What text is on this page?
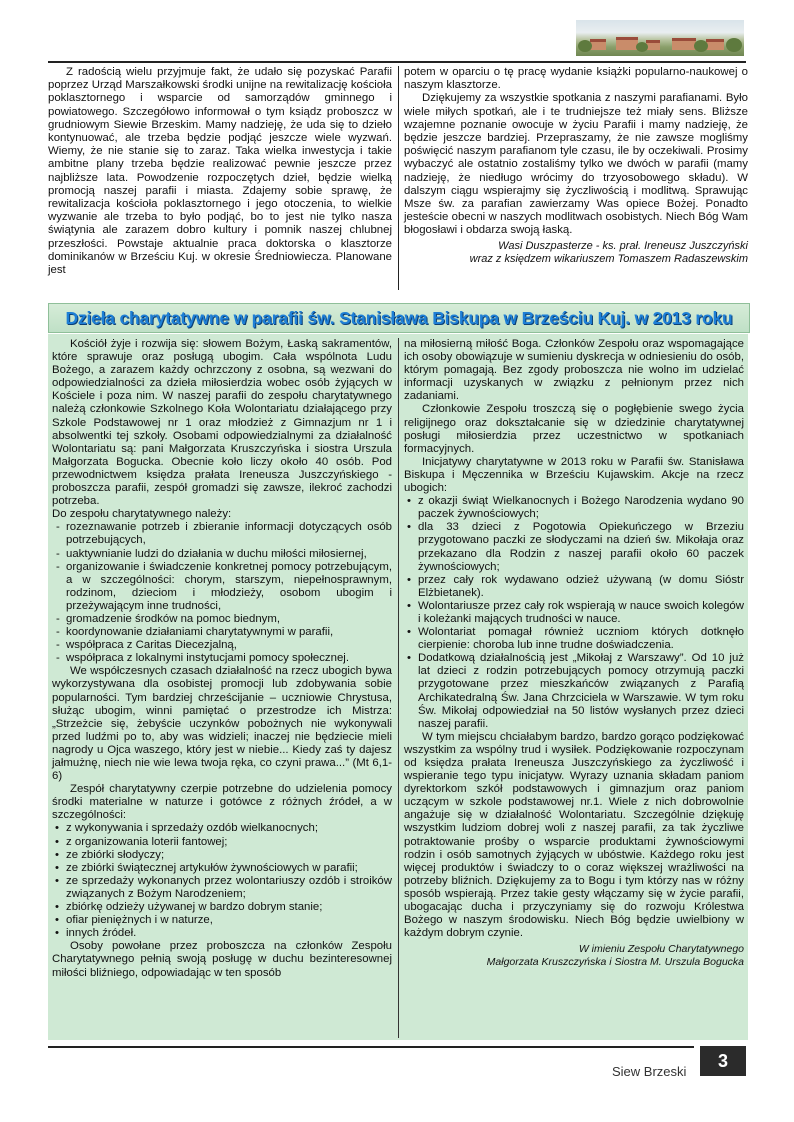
Z radością wielu przyjmuje fakt, że udało się pozyskać Parafii poprzez Urząd Marszałkowski środki unijne na rewitalizację kościoła poklasztornego i wsparcie od samorządów gminnego i powiatowego. Szczegółowo informował o tym ksiądz proboszcz w grudniowym Siewie Brzeskim. Mamy nadzieję, że uda się to dzieło kontynuować, ale trzeba będzie podjąć jeszcze wiele wyzwań. Wiemy, że nie stanie się to zaraz. Taka wielka inwestycja i takie ambitne plany trzeba będzie realizować pewnie jeszcze przez najbliższe lata. Powodzenie rozpoczętych dzieł, będzie wielką promocją naszej parafii i miasta. Zdajemy sobie sprawę, że rewitalizacja kościoła poklasztornego i jego otoczenia, to wielkie wyzwanie ale trzeba to było podjąć, bo to jest nie tylko nasza świątynia ale zarazem dobro kultury i pomnik naszej chlubnej przeszłości. Powstaje aktualnie praca doktorska o klasztorze dominikanów w Brześciu Kuj. w okresie Średniowiecza. Planowane jest

potem w oparciu o tę pracę wydanie książki popularno-naukowej o naszym klasztorze.

Dziękujemy za wszystkie spotkania z naszymi parafianami. Było wiele miłych spotkań, ale i te trudniejsze też miały sens. Bliższe wzajemne poznanie owocuje w życiu Parafii i mamy nadzieję, że będzie jeszcze bardziej. Przepraszamy, że nie zawsze mogliśmy poświęcić naszym parafianom tyle czasu, ile by oczekiwali. Prosimy wybaczyć ale ostatnio zostaliśmy tylko we dwóch w parafii (mamy nadzieję, że niedługo wrócimy do trzyosobowego składu). W dalszym ciągu wspierajmy się życzliwością i modlitwą. Sprawując Msze św. za parafian zawierzamy Was opiece Bożej. Ponadto jesteście obecni w naszych modlitwach osobistych. Niech Bóg Wam błogosławi i obdarza swoją łaską.

Wasi Duszpasterze - ks. prał. Ireneusz Juszczyński
wraz z księdzem wikariuszem Tomaszem Radaszewskim
Dzieła charytatywne w parafii św. Stanisława Biskupa w Brześciu Kuj. w 2013 roku

Kościół żyje i rozwija się: słowem Bożym, Łaską sakramentów, które sprawuje oraz posługą ubogim. Cała wspólnota Ludu Bożego, a zarazem każdy ochrzczony z osobna, są wezwani do odpowiedzialności za dzieła miłosierdzia wobec osób żyjących w Kościele i poza nim. W naszej parafii do zespołu charytatywnego należą członkowie Szkolnego Koła Wolontariatu działającego przy Szkole Podstawowej nr 1 oraz młodzież z Gimnazjum nr 1 i absolwentki tej szkoły. Osobami odpowiedzialnymi za działalność Wolontariatu są: pani Małgorzata Kruszczyńska i siostra Urszula Małgorzata Bogucka. Obecnie koło liczy około 40 osób. Pod przewodnictwem księdza prałata Ireneusza Juszczyńskiego - proboszcza parafii, zespół gromadzi się zawsze, ilekroć zachodzi potrzeba.

Do zespołu charytatywnego należy:

- rozeznawanie potrzeb i zbieranie informacji dotyczących osób potrzebujących,
- uaktywnianie ludzi do działania w duchu miłości miłosiernej,
- organizowanie i świadczenie konkretnej pomocy potrzebującym, a w szczególności: chorym, starszym, niepełnosprawnym, rodzinom, dzieciom i młodzieży, osobom ubogim i przeżywającym inne trudności,
- gromadzenie środków na pomoc biednym,
- koordynowanie działaniami charytatywnymi w parafii,
- współpraca z Caritas Diecezjalną,
- współpraca z lokalnymi instytucjami pomocy społecznej.

We współczesnych czasach działalność na rzecz ubogich bywa wykorzystywana dla osobistej promocji lub zdobywania sobie popularności. Tym bardziej chrześcijanie – uczniowie Chrystusa, służąc ubogim, winni pamiętać o przestrodze ich Mistrza: „Strzeżcie się, żebyście uczynków pobożnych nie wykonywali przed ludźmi po to, aby was widzieli; inaczej nie będziecie mieli nagrody u Ojca waszego, który jest w niebie... Kiedy zaś ty dajesz jałmużnę, niech nie wie lewa twoja ręka, co czyni prawa...” (Mt 6,1-6)

Zespół charytatywny czerpie potrzebne do udzielenia pomocy środki materialne w naturze i gotówce z różnych źródeł, a w szczególności:

• z wykonywania i sprzedaży ozdób wielkanocnych;
• z organizowania loterii fantowej;
• ze zbiórki słodyczy;
• ze zbiórki świątecznej artykułów żywnościowych w parafii;
• ze sprzedaży wykonanych przez wolontariuszy ozdób i stroików związanych z Bożym Narodzeniem;
• zbiórkę odzieży używanej w bardzo dobrym stanie;
• ofiar pieniężnych i w naturze,
• innych źródeł.

Osoby powołane przez proboszcza na członków Zespołu Charytatywnego pełnią swoją posługę w duchu bezinteresownej miłości bliźniego, odpowiadając w ten sposób

na miłosierną miłość Boga. Członków Zespołu oraz wspomagające ich osoby obowiązuje w sumieniu dyskrecja w odniesieniu do osób, którym pomagają. Bez zgody proboszcza nie wolno im udzielać informacji uzyskanych w związku z pełnionym przez nich zadaniami.

Członkowie Zespołu troszczą się o pogłębienie swego życia religijnego oraz dokształcanie się w dziedzinie charytatywnej posługi miłosierdzia przez uczestnictwo w spotkaniach formacyjnych.

Inicjatywy charytatywne w 2013 roku w Parafii św. Stanisława Biskupa i Męczennika w Brześciu Kujawskim. Akcje na rzecz ubogich:

• z okazji świąt Wielkanocnych i Bożego Narodzenia wydano 90 paczek żywnościowych;
• dla 33 dzieci z Pogotowia Opiekuńczego w Brzeziu przygotowano paczki ze słodyczami na dzień św. Mikołaja oraz przekazano dla Rodzin z naszej parafii około 60 paczek żywnościowych;
• przez cały rok wydawano odzież używaną (w domu Sióstr Elżbietanek).
• Wolontariusze przez cały rok wspierają w nauce swoich kolegów i koleżanki mających trudności w nauce.
• Wolontariat pomagał również uczniom których dotknęło cierpienie: choroba lub inne trudne doświadczenia.
• Dodatkową działalnością jest „Mikołaj z Warszawy”. Od 10 już lat dzieci z rodzin potrzebujących pomocy otrzymują paczki przygotowane przez mieszkańców związanych z Parafią Archikatedralną Św. Jana Chrzciciela w Warszawie. W tym roku Św. Mikołaj odpowiedział na 50 listów wysłanych przez dzieci naszej parafii.

W tym miejscu chciałabym bardzo, bardzo gorąco podziękować wszystkim za wspólny trud i wysiłek. Podziękowanie rozpoczynam od księdza prałata Ireneusza Juszczyńskiego za życzliwość i wspieranie tego typu inicjatyw. Wyrazy uznania składam paniom dyrektorkom szkół podstawowych i gimnazjum oraz paniom uczącym w szkole podstawowej nr.1. Wiele z nich dobrowolnie angażuje się w działalność Wolontariatu. Szczególnie dziękuję wszystkim ludziom dobrej woli z naszej parafii, za tak życzliwe potraktowanie prośby o wsparcie produktami żywnościowymi rodzin i osób samotnych żyjących w ubóstwie. Każdego roku jest więcej produktów i świadczy to o coraz większej wrażliwości na potrzeby bliźnich. Dziękujemy za to Bogu i tym którzy nas w różny sposób wspierają. Przez takie gesty włączamy się w życie parafii, ubogacając ducha i przyczyniamy się do rozwoju Królestwa Bożego w naszym środowisku. Niech Bóg będzie uwielbiony w każdym dobrym czynie.

W imieniu Zespołu Charytatywnego
Małgorzata Kruszczyńska i Siostra M. Urszula Bogucka
Siew Brzeski
3
